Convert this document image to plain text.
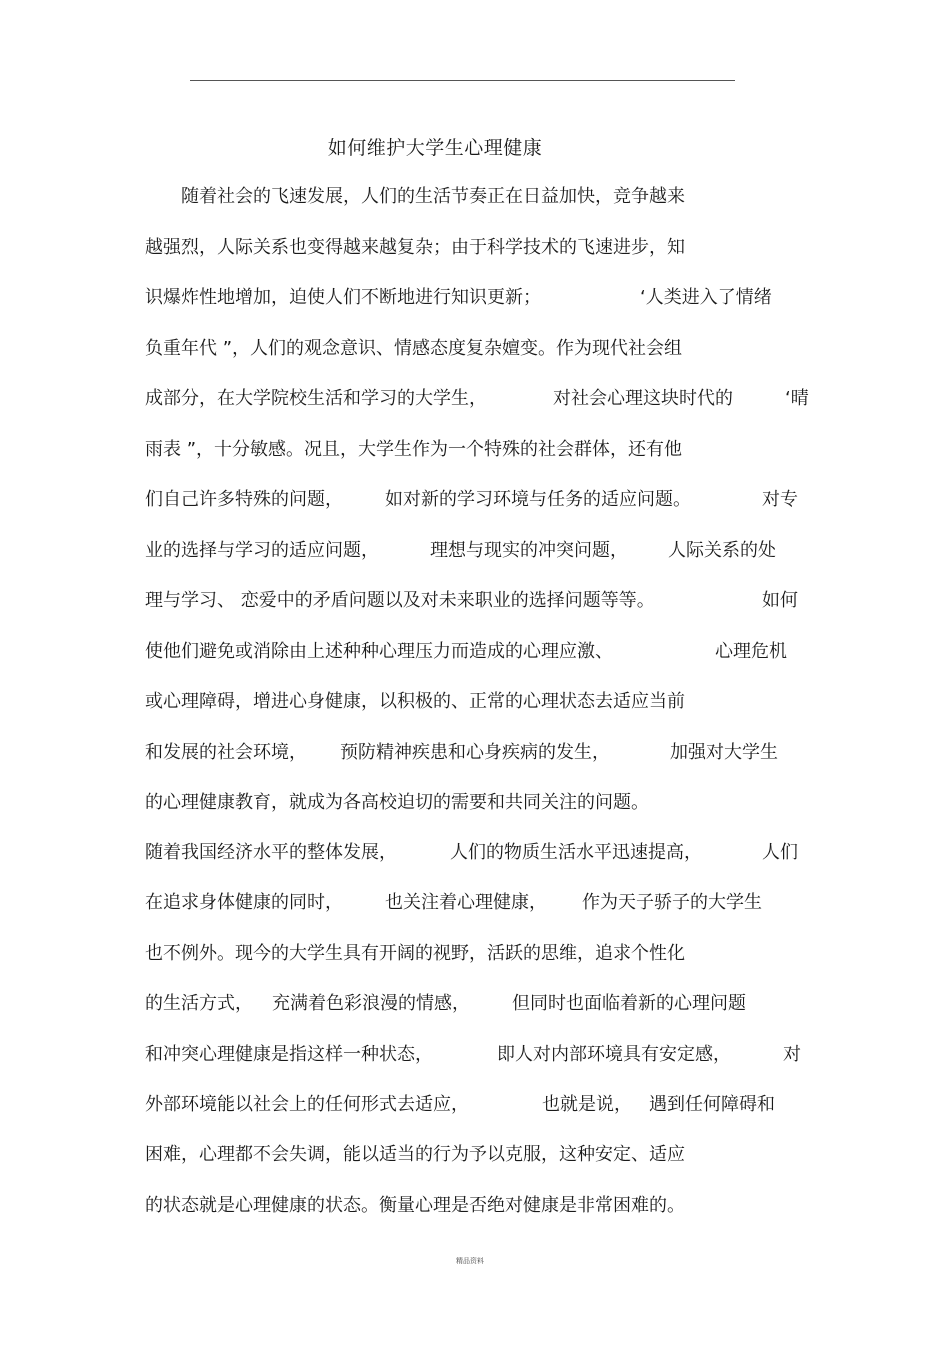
如何维护大学生心理健康
随着社会的飞速发展，人们的生活节奏正在日益加快，竞争越来
越强烈，人际关系也变得越来越复杂；由于科学技术的飞速进步，知
识爆炸性地增加，迫使人们不断地进行知识更新；	‘人类进入了情绪
负重年代 ”，人们的观念意识、情感态度复杂嬗变。作为现代社会组
成部分，在大学院校生活和学习的大学生，	对社会心理这块时代的	‘晴
雨表 ”，十分敏感。况且，大学生作为一个特殊的社会群体，还有他
们自己许多特殊的问题， 如对新的学习环境与任务的适应问题。	对专
业的选择与学习的适应问题，	理想与现实的冲突问题， 人际关系的处
理与学习、 恋爱中的矛盾问题以及对未来职业的选择问题等等。	如何
使他们避免或消除由上述种种心理压力而造成的心理应激、	心理危机
或心理障碍，增进心身健康，以积极的、正常的心理状态去适应当前
和发展的社会环境， 预防精神疾患和心身疾病的发生，	加强对大学生
的心理健康教育，就成为各高校迫切的需要和共同关注的问题。
随着我国经济水平的整体发展，	人们的物质生活水平迅速提高，	人们
在追求身体健康的同时， 也关注着心理健康， 作为天子骄子的大学生
也不例外。现今的大学生具有开阔的视野，活跃的思维，追求个性化
的生活方式， 充满着色彩浪漫的情感， 但同时也面临着新的心理问题
和冲突心理健康是指这样一种状态，	即人对内部环境具有安定感，	对
外部环境能以社会上的任何形式去适应，	也就是说， 遇到任何障碍和
困难，心理都不会失调，能以适当的行为予以克服，这种安定、适应
的状态就是心理健康的状态。衡量心理是否绝对健康是非常困难的。
精品资料
